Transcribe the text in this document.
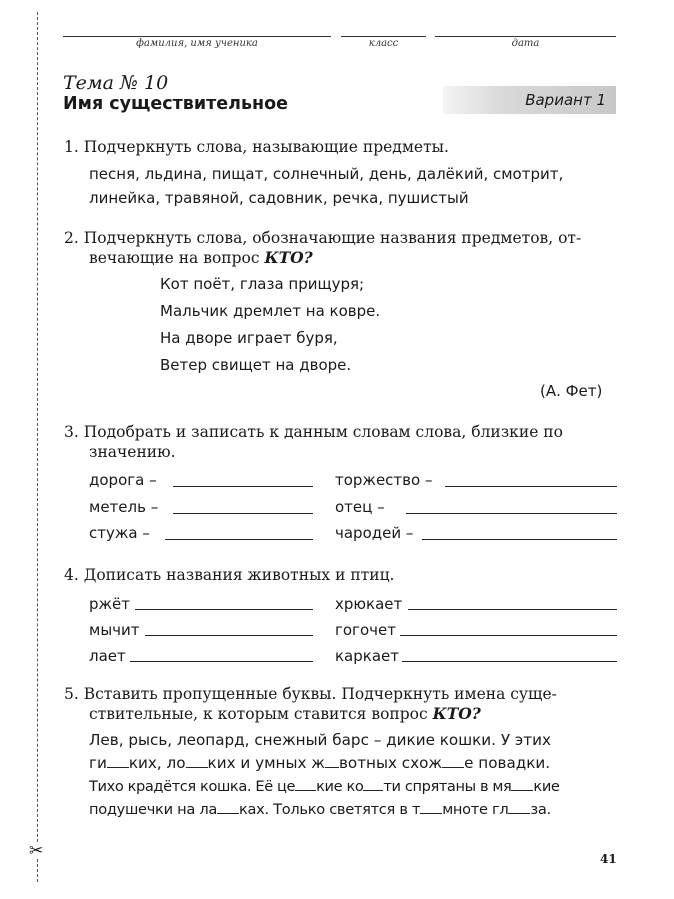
✂
фамилия, имя ученика	класс	дата
Тема № 10
Имя существительное	Вариант 1
1. Подчеркнуть слова, называющие предметы.
песня, льдина, пищат, солнечный, день, далёкий, смотрит,
линейка, травяной, садовник, речка, пушистый
2. Подчеркнуть слова, обозначающие названия предметов, от-
вечающие на вопрос КТО?
Кот поёт, глаза прищуря;
Мальчик дремлет на ковре.
На дворе играет буря,
Ветер свищет на дворе.
(А. Фет)
3. Подобрать и записать к данным словам слова, близкие по
значению.
дорога –	торжество –
метель –	отец –
стужа –	чародей –
4. Дописать названия животных и птиц.
ржёт	хрюкает
мычит	гогочет
лает	каркает
5. Вставить пропущенные буквы. Подчеркнуть имена суще-
ствительные, к которым ставится вопрос КТО?
Лев, рысь, леопард, снежный барс – дикие кошки. У этих
ги ких, ло ких и умных ж вотных схож е повадки.
Тихо крадётся кошка. Её це кие ко ти спрятаны в мя кие
подушечки на ла ках. Только светятся в т мноте гл за.
41
